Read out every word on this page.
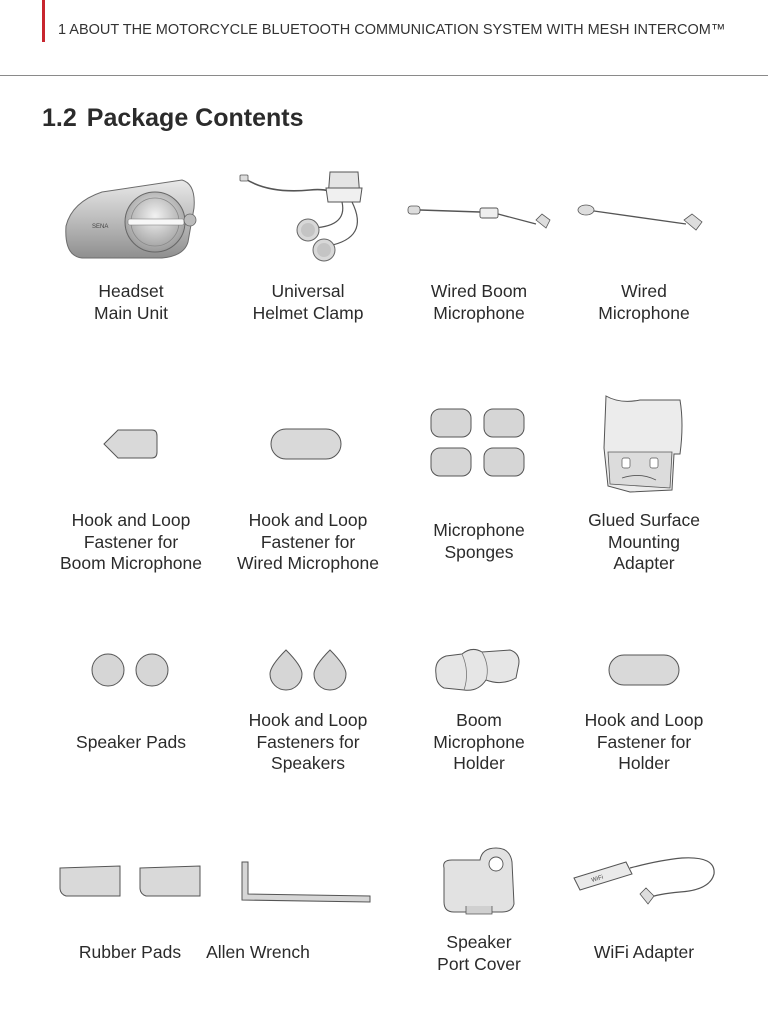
1 ABOUT THE MOTORCYCLE BLUETOOTH COMMUNICATION SYSTEM WITH MESH INTERCOM™
1.2 Package Contents
SENA
Headset
Main Unit
Universal
Helmet Clamp
Wired Boom
Microphone
Wired
Microphone
Hook and Loop
Fastener for
Boom Microphone
Hook and Loop
Fastener for
Wired Microphone
Microphone
Sponges
Glued Surface
Mounting
Adapter
Speaker Pads
Hook and Loop
Fasteners for
Speakers
Boom
Microphone
Holder
Hook and Loop
Fastener for
Holder
Rubber Pads	Allen Wrench	Speaker
Port Cover
WiFi
WiFi Adapter
